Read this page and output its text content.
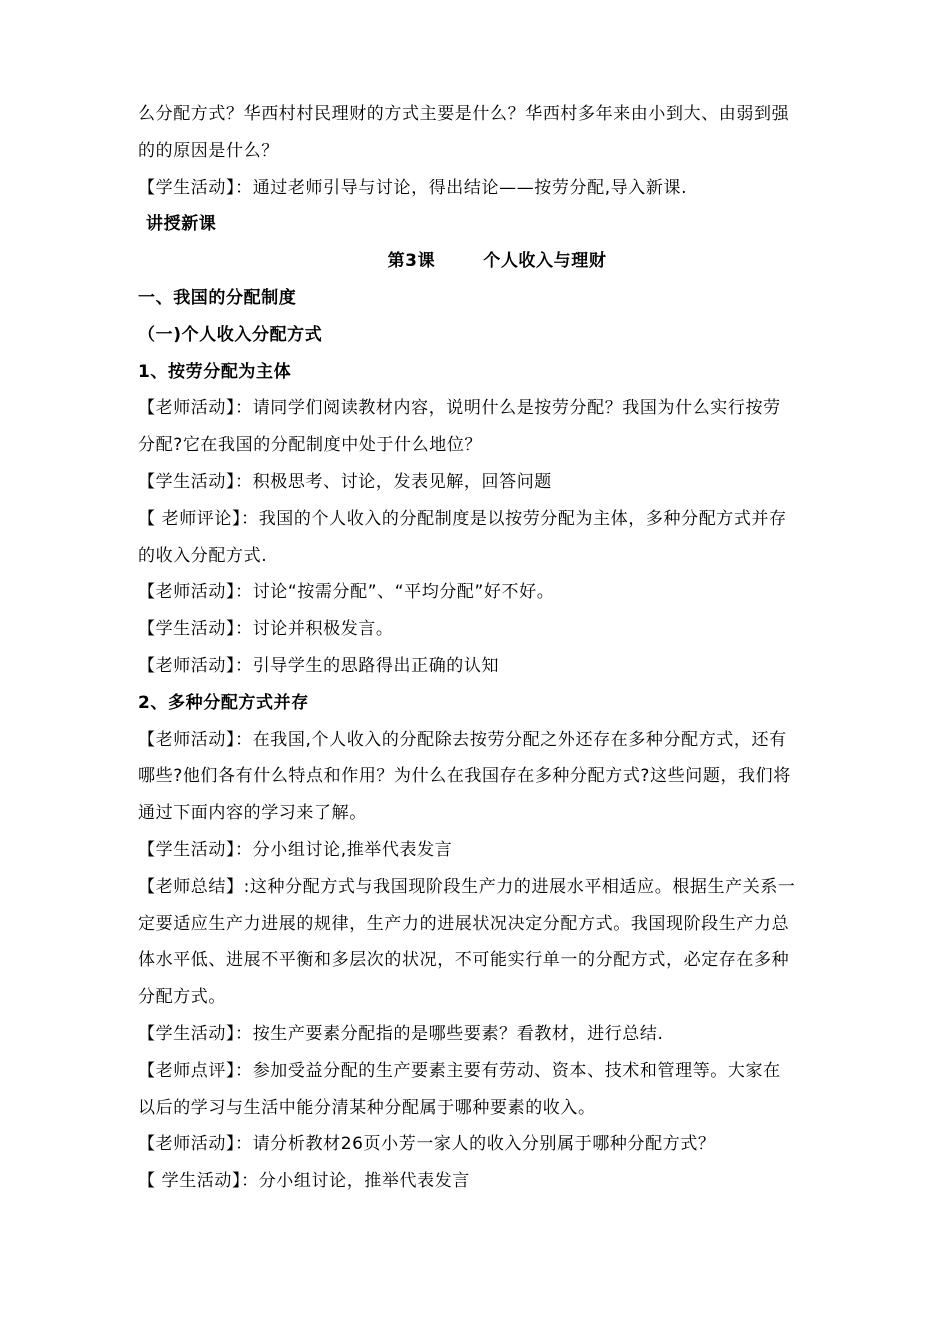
么分配方式？华西村村民理财的方式主要是什么？华西村多年来由小到大、由弱到强
的的原因是什么？
【学生活动】：通过老师引导与讨论，得出结论——按劳分配,导入新课.
讲授新课
第3课	个人收入与理财
一、我国的分配制度
（一)个人收入分配方式
1、按劳分配为主体
【老师活动】：请同学们阅读教材内容，说明什么是按劳分配？我国为什么实行按劳
分配?它在我国的分配制度中处于什么地位？
【学生活动】：积极思考、讨论，发表见解，回答问题
【 老师评论】：我国的个人收入的分配制度是以按劳分配为主体，多种分配方式并存
的收入分配方式.
【老师活动】：讨论“按需分配”、“平均分配”好不好。
【学生活动】：讨论并积极发言。
【老师活动】：引导学生的思路得出正确的认知
2、多种分配方式并存
【老师活动】：在我国,个人收入的分配除去按劳分配之外还存在多种分配方式，还有
哪些?他们各有什么特点和作用？为什么在我国存在多种分配方式?这些问题，我们将
通过下面内容的学习来了解。
【学生活动】：分小组讨论,推举代表发言
【老师总结】:这种分配方式与我国现阶段生产力的进展水平相适应。根据生产关系一
定要适应生产力进展的规律，生产力的进展状况决定分配方式。我国现阶段生产力总
体水平低、进展不平衡和多层次的状况，不可能实行单一的分配方式，必定存在多种
分配方式。
【学生活动】：按生产要素分配指的是哪些要素？看教材，进行总结.
【老师点评】：参加受益分配的生产要素主要有劳动、资本、技术和管理等。大家在
以后的学习与生活中能分清某种分配属于哪种要素的收入。
【老师活动】：请分析教材26页小芳一家人的收入分别属于哪种分配方式？
【 学生活动】：分小组讨论，推举代表发言
